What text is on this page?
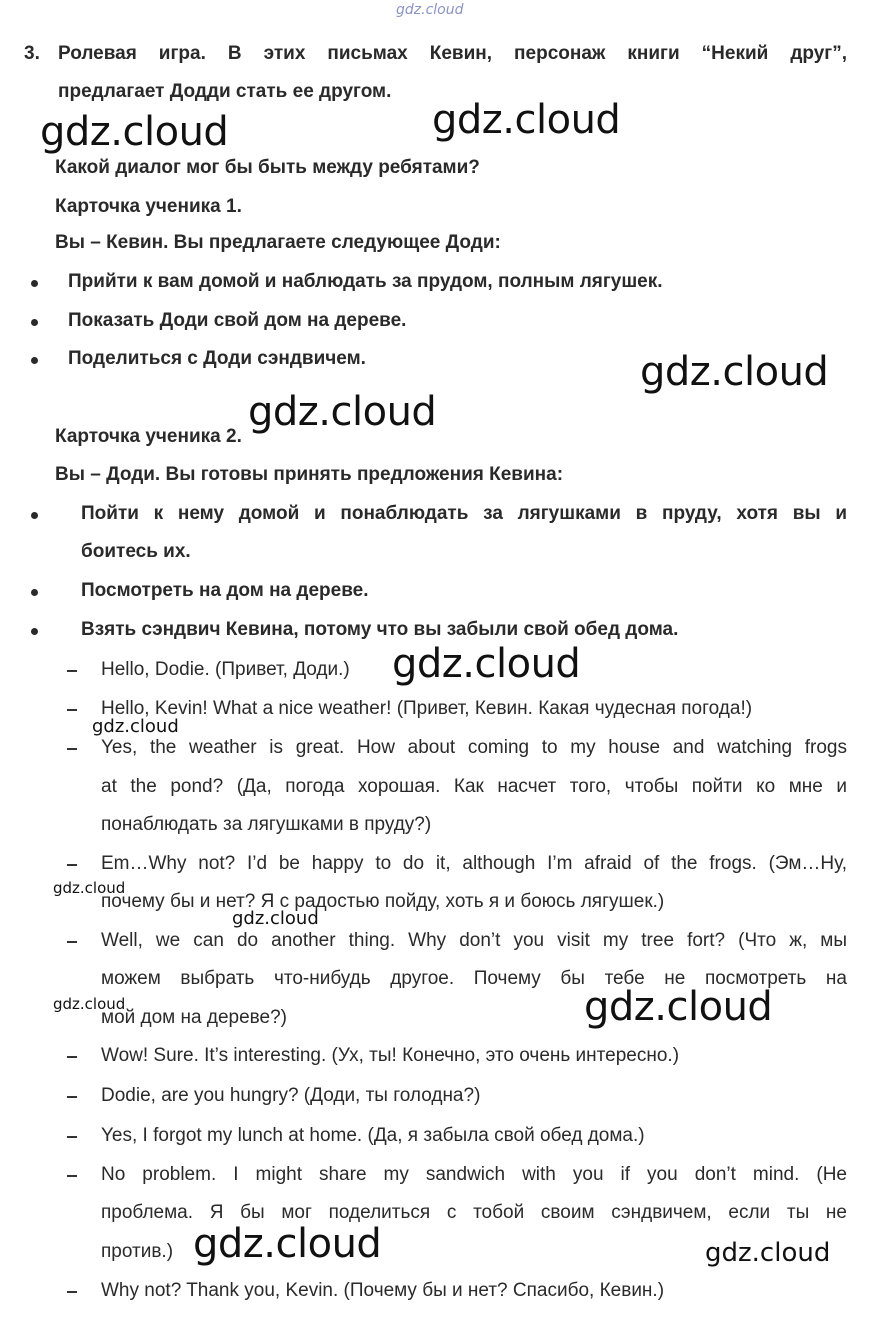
gdz.cloud
3. Ролевая игра. В этих письмах Кевин, персонаж книги “Некий друг”,
предлагает Додди стать ее другом.
Какой диалог мог бы быть между ребятами?
Карточка ученика 1.
Вы – Кевин. Вы предлагаете следующее Доди:
Прийти к вам домой и наблюдать за прудом, полным лягушек.
Показать Доди свой дом на дереве.
Поделиться с Доди сэндвичем.
Карточка ученика 2.
Вы – Доди. Вы готовы принять предложения Кевина:
Пойти к нему домой и понаблюдать за лягушками в пруду, хотя вы и
боитесь их.
Посмотреть на дом на дереве.
Взять сэндвич Кевина, потому что вы забыли свой обед дома.
Hello, Dodie. (Привет, Доди.)
Hello, Kevin! What a nice weather! (Привет, Кевин. Какая чудесная погода!)
Yes, the weather is great. How about coming to my house and watching frogs
at the pond? (Да, погода хорошая. Как насчет того, чтобы пойти ко мне и
понаблюдать за лягушками в пруду?)
Em…Why not? I’d be happy to do it, although I’m afraid of the frogs. (Эм…Ну,
почему бы и нет? Я с радостью пойду, хоть я и боюсь лягушек.)
Well, we can do another thing. Why don’t you visit my tree fort? (Что ж, мы
можем выбрать что-нибудь другое. Почему бы тебе не посмотреть на
мой дом на дереве?)
Wow! Sure. It’s interesting. (Ух, ты! Конечно, это очень интересно.)
Dodie, are you hungry? (Доди, ты голодна?)
Yes, I forgot my lunch at home. (Да, я забыла свой обед дома.)
No problem. I might share my sandwich with you if you don’t mind. (Не
проблема. Я бы мог поделиться с тобой своим сэндвичем, если ты не
против.)
Why not? Thank you, Kevin. (Почему бы и нет? Спасибо, Кевин.)
gdz.cloud	gdz.cloud
gdz.cloud
gdz.cloud
gdz.cloud
gdz.cloud
gdz.cloud
gdz.cloud
gdz.cloud	gdz.cloud
gdz.cloud	gdz.cloud
